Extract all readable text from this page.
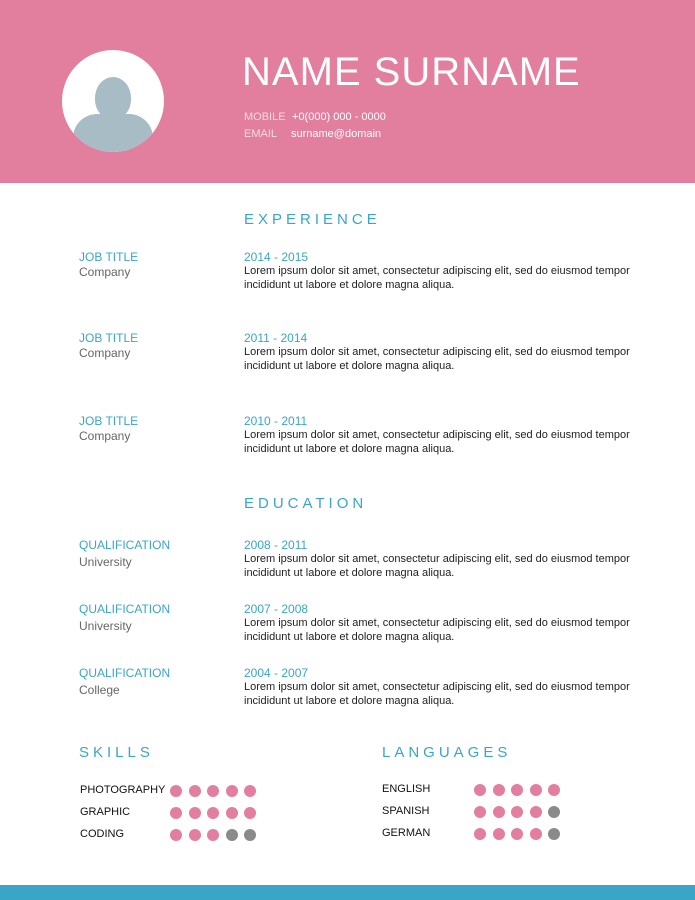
NAME SURNAME
MOBILE +0(000) 000 - 0000
EMAIL surname@domain
EXPERIENCE
JOB TITLE
Company
2014 - 2015

Lorem ipsum dolor sit amet, consectetur adipiscing elit, sed do eiusmod tempor incididunt ut labore et dolore magna aliqua.

JOB TITLE
Company
2011 - 2014

Lorem ipsum dolor sit amet, consectetur adipiscing elit, sed do eiusmod tempor incididunt ut labore et dolore magna aliqua.

JOB TITLE
Company
2010 - 2011

Lorem ipsum dolor sit amet, consectetur adipiscing elit, sed do eiusmod tempor incididunt ut labore et dolore magna aliqua.

EDUCATION
QUALIFICATION
University
2008 - 2011

Lorem ipsum dolor sit amet, consectetur adipiscing elit, sed do eiusmod tempor incididunt ut labore et dolore magna aliqua.

QUALIFICATION
University
2007 - 2008

Lorem ipsum dolor sit amet, consectetur adipiscing elit, sed do eiusmod tempor incididunt ut labore et dolore magna aliqua.

QUALIFICATION
College
2004 - 2007

Lorem ipsum dolor sit amet, consectetur adipiscing elit, sed do eiusmod tempor incididunt ut labore et dolore magna aliqua.

SKILLS
PHOTOGRAPHY
GRAPHIC
CODING
LANGUAGES
ENGLISH
SPANISH
GERMAN
